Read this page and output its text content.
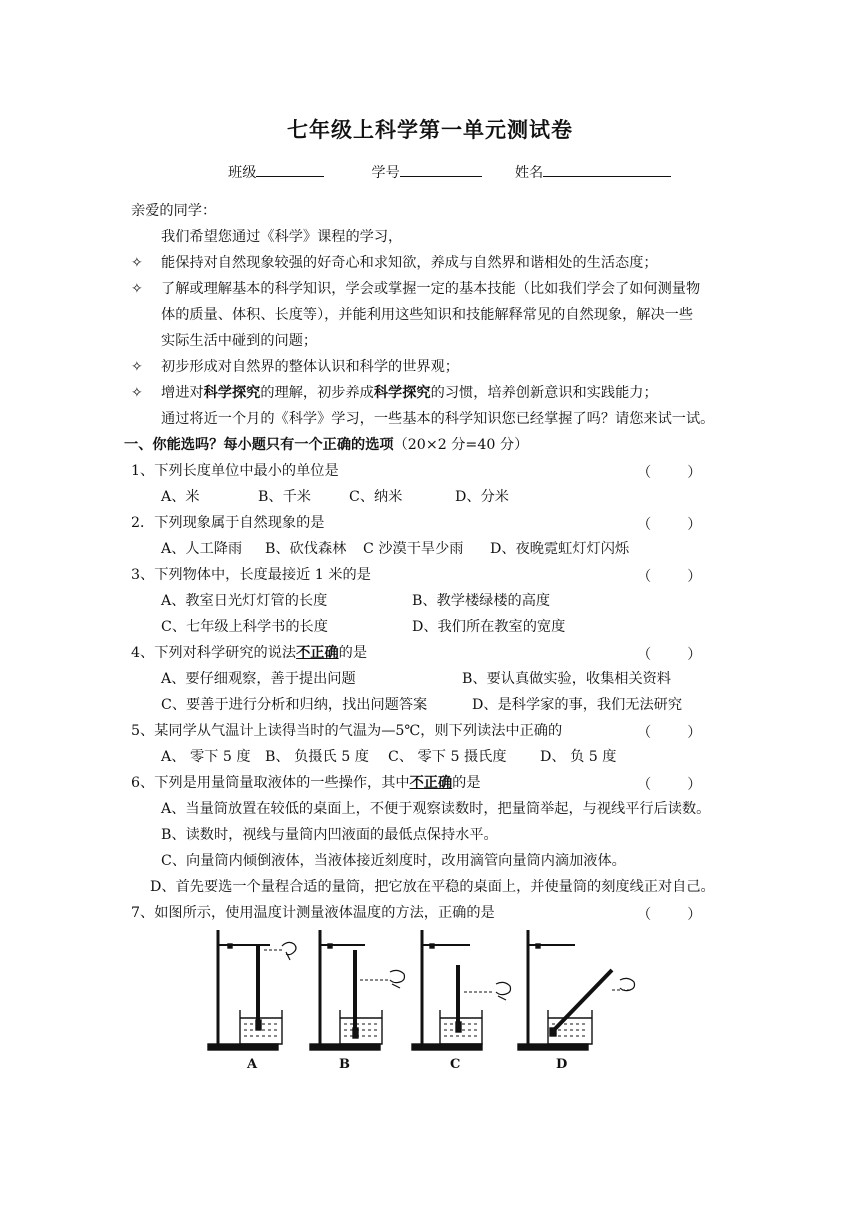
七年级上科学第一单元测试卷
班级	学号	姓名
亲爱的同学：
我们希望您通过《科学》课程的学习，
✧ 能保持对自然现象较强的好奇心和求知欲，养成与自然界和谐相处的生活态度；
✧ 了解或理解基本的科学知识，学会或掌握一定的基本技能（比如我们学会了如何测量物
体的质量、体积、长度等），并能利用这些知识和技能解释常见的自然现象，解决一些
实际生活中碰到的问题；
✧ 初步形成对自然界的整体认识和科学的世界观；
✧ 增进对科学探究的理解，初步养成科学探究的习惯，培养创新意识和实践能力；
通过将近一个月的《科学》学习，一些基本的科学知识您已经掌握了吗？请您来试一试。
一、你能选吗？每小题只有一个正确的选项（20×2 分=40 分）
1、下列长度单位中最小的单位是	（        ）
A、米	B、千米	C、纳米	D、分米
2．下列现象属于自然现象的是	（        ）
A、人工降雨 B、砍伐森林 C 沙漠干旱少雨 D、夜晚霓虹灯灯闪烁
3、下列物体中，长度最接近 1 米的是	（        ）
A、教室日光灯灯管的长度	B、教学楼绿楼的高度
C、七年级上科学书的长度	D、我们所在教室的宽度
4、下列对科学研究的说法不正确的是	（        ）
A、要仔细观察，善于提出问题	B、要认真做实验，收集相关资料
C、要善于进行分析和归纳，找出问题答案	D、是科学家的事，我们无法研究
5、某同学从气温计上读得当时的气温为—5℃，则下列读法中正确的	（        ）
A、 零下 5 度 B、 负摄氏 5 度 C、 零下 5 摄氏度 D、 负 5 度
6、下列是用量筒量取液体的一些操作，其中不正确的是	（        ）
A、当量筒放置在较低的桌面上，不便于观察读数时，把量筒举起，与视线平行后读数。
B、读数时，视线与量筒内凹液面的最低点保持水平。
C、向量筒内倾倒液体，当液体接近刻度时，改用滴管向量筒内滴加液体。
D、首先要选一个量程合适的量筒，把它放在平稳的桌面上，并使量筒的刻度线正对自己。
7、如图所示，使用温度计测量液体温度的方法，正确的是	（        ）
A	B	C	D
